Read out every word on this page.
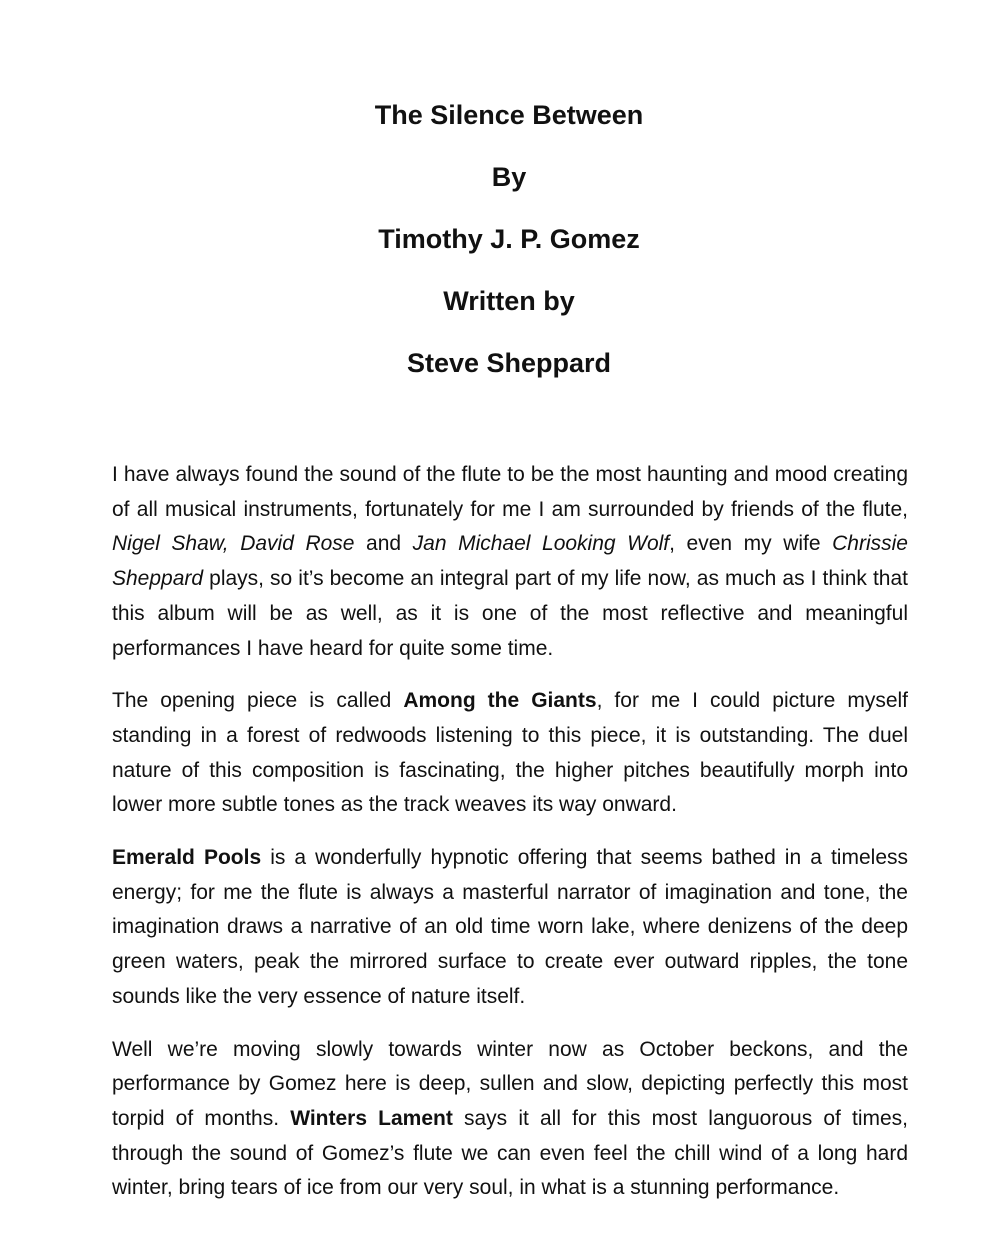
The Silence Between
By
Timothy J. P. Gomez
Written by
Steve Sheppard

I have always found the sound of the flute to be the most haunting and mood creating of all musical instruments, fortunately for me I am surrounded by friends of the flute, Nigel Shaw, David Rose and Jan Michael Looking Wolf, even my wife Chrissie Sheppard plays, so it’s become an integral part of my life now, as much as I think that this album will be as well, as it is one of the most reflective and meaningful performances I have heard for quite some time.

The opening piece is called Among the Giants, for me I could picture myself standing in a forest of redwoods listening to this piece, it is outstanding. The duel nature of this composition is fascinating, the higher pitches beautifully morph into lower more subtle tones as the track weaves its way onward.

Emerald Pools is a wonderfully hypnotic offering that seems bathed in a timeless energy; for me the flute is always a masterful narrator of imagination and tone, the imagination draws a narrative of an old time worn lake, where denizens of the deep green waters, peak the mirrored surface to create ever outward ripples, the tone sounds like the very essence of nature itself.

Well we’re moving slowly towards winter now as October beckons, and the performance by Gomez here is deep, sullen and slow, depicting perfectly this most torpid of months. Winters Lament says it all for this most languorous of times, through the sound of Gomez’s flute we can even feel the chill wind of a long hard winter, bring tears of ice from our very soul, in what is a stunning performance.
